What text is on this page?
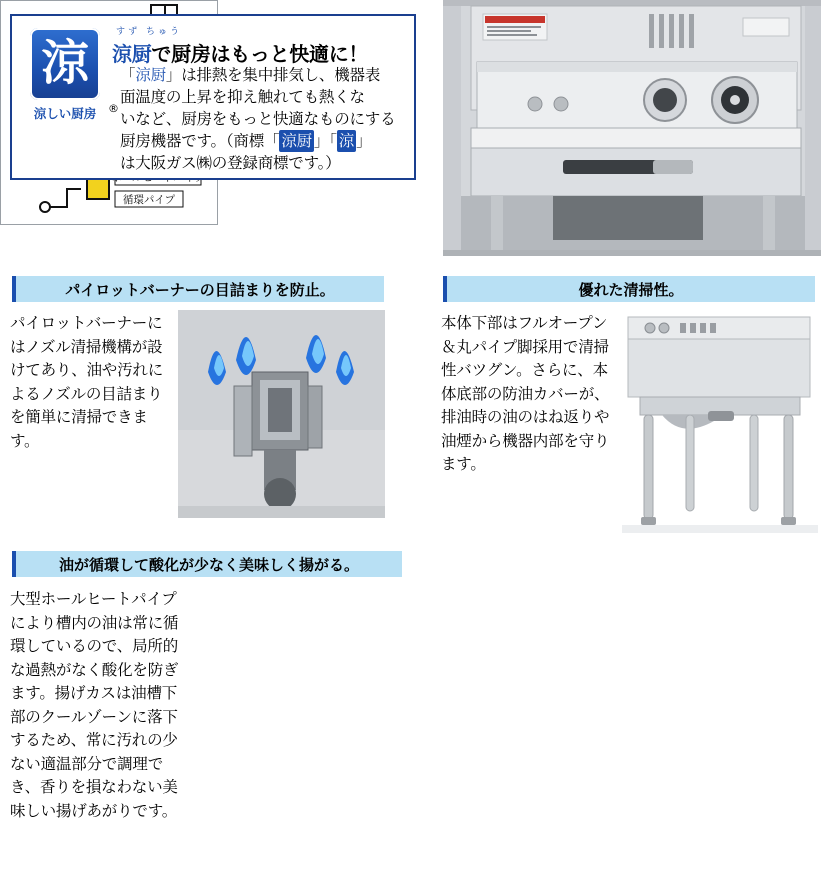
涼
涼しい厨房
すず ちゅう
涼厨で厨房はもっと快適に！
®
「涼厨」は排熱を集中排気し、機器表
面温度の上昇を抑え触れても熱くな
いなど、厨房をもっと快適なものにする
厨房機器です。（商標「 涼厨 」「 涼 」
は大阪ガス㈱の登録商標です。）
パイロットバーナーの目詰まりを防止。
パイロットバーナーにはノズル清掃機構が設けてあり、油や汚れによるノズルの目詰まりを簡単に清掃できます。
優れた清掃性。
本体下部はフルオープン＆丸パイプ脚採用で清掃性バツグン。さらに、本体底部の防油カバーが、排油時の油のはね返りや油煙から機器内部を守ります。
油が循環して酸化が少なく美味しく揚がる。
大型ホールヒートパイプにより槽内の油は常に循環しているので、局所的な過熱がなく酸化を防ぎます。揚げカスは油槽下部のクールゾーンに落下するため、常に汚れの少ない適温部分で調理でき、香りを損なわない美味しい揚げあがりです。
循環パイプ
